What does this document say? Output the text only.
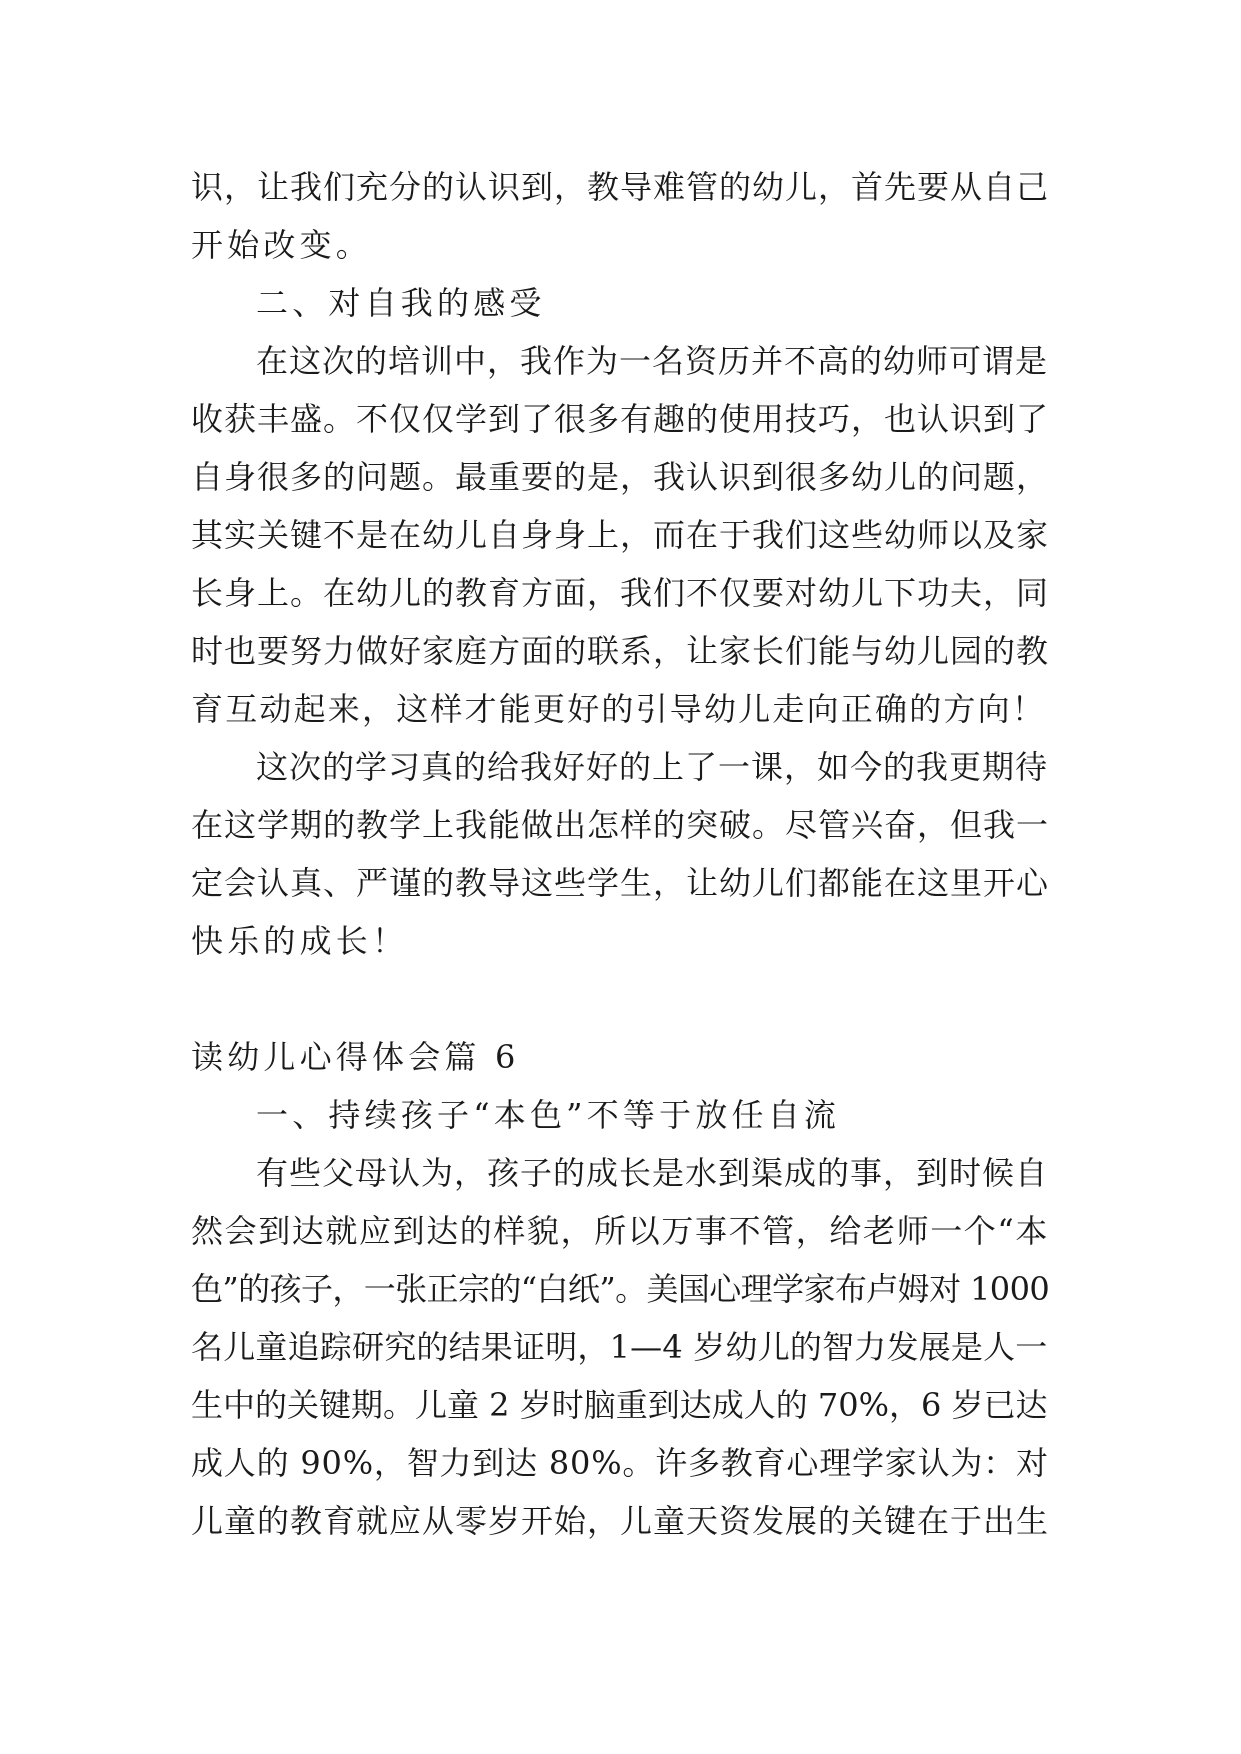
识，让我们充分的认识到，教导难管的幼儿，首先要从自己
开始改变。
二、对自我的感受
在这次的培训中，我作为一名资历并不高的幼师可谓是
收获丰盛。不仅仅学到了很多有趣的使用技巧，也认识到了
自身很多的问题。最重要的是，我认识到很多幼儿的问题，
其实关键不是在幼儿自身身上，而在于我们这些幼师以及家
长身上。在幼儿的教育方面，我们不仅要对幼儿下功夫，同
时也要努力做好家庭方面的联系，让家长们能与幼儿园的教
育互动起来，这样才能更好的引导幼儿走向正确的方向！
这次的学习真的给我好好的上了一课，如今的我更期待
在这学期的教学上我能做出怎样的突破。尽管兴奋，但我一
定会认真、严谨的教导这些学生，让幼儿们都能在这里开心
快乐的成长！
读幼儿心得体会篇 6
一、持续孩子“本色”不等于放任自流
有些父母认为，孩子的成长是水到渠成的事，到时候自
然会到达就应到达的样貌，所以万事不管，给老师一个“本
色”的孩子，一张正宗的“白纸”。美国心理学家布卢姆对 1000
名儿童追踪研究的结果证明，1—4 岁幼儿的智力发展是人一
生中的关键期。儿童 2 岁时脑重到达成人的 70%，6 岁已达
成人的 90%，智力到达 80%。许多教育心理学家认为：对
儿童的教育就应从零岁开始，儿童天资发展的关键在于出生
